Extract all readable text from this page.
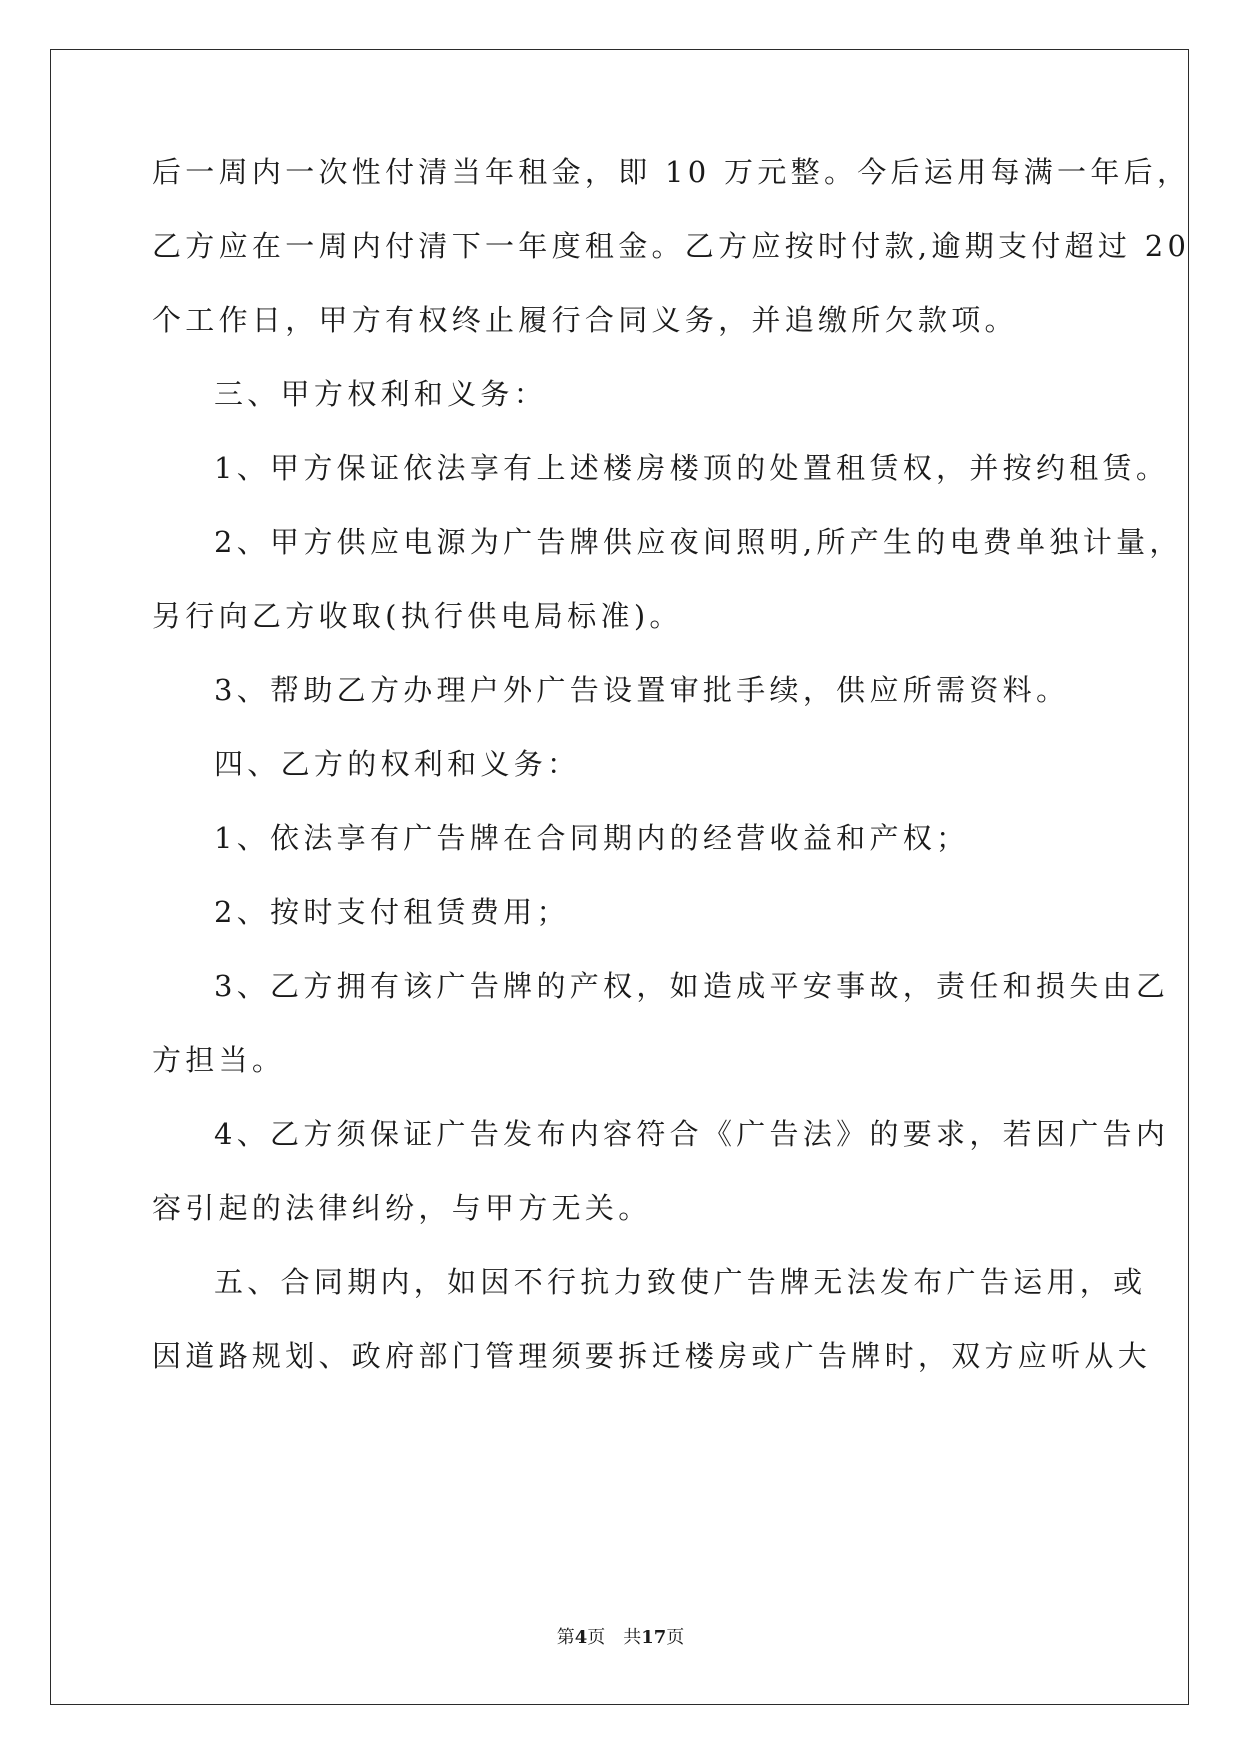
后一周内一次性付清当年租金，即 10 万元整。今后运用每满一年后，
乙方应在一周内付清下一年度租金。乙方应按时付款,逾期支付超过 20
个工作日，甲方有权终止履行合同义务，并追缴所欠款项。
三、甲方权利和义务：
1、甲方保证依法享有上述楼房楼顶的处置租赁权，并按约租赁。
2、甲方供应电源为广告牌供应夜间照明,所产生的电费单独计量，
另行向乙方收取(执行供电局标准)。
3、帮助乙方办理户外广告设置审批手续，供应所需资料。
四、乙方的权利和义务：
1、依法享有广告牌在合同期内的经营收益和产权；
2、按时支付租赁费用；
3、乙方拥有该广告牌的产权，如造成平安事故，责任和损失由乙
方担当。
4、乙方须保证广告发布内容符合《广告法》的要求，若因广告内
容引起的法律纠纷，与甲方无关。
五、合同期内，如因不行抗力致使广告牌无法发布广告运用，或
因道路规划、政府部门管理须要拆迁楼房或广告牌时，双方应听从大
第4页 共17页
